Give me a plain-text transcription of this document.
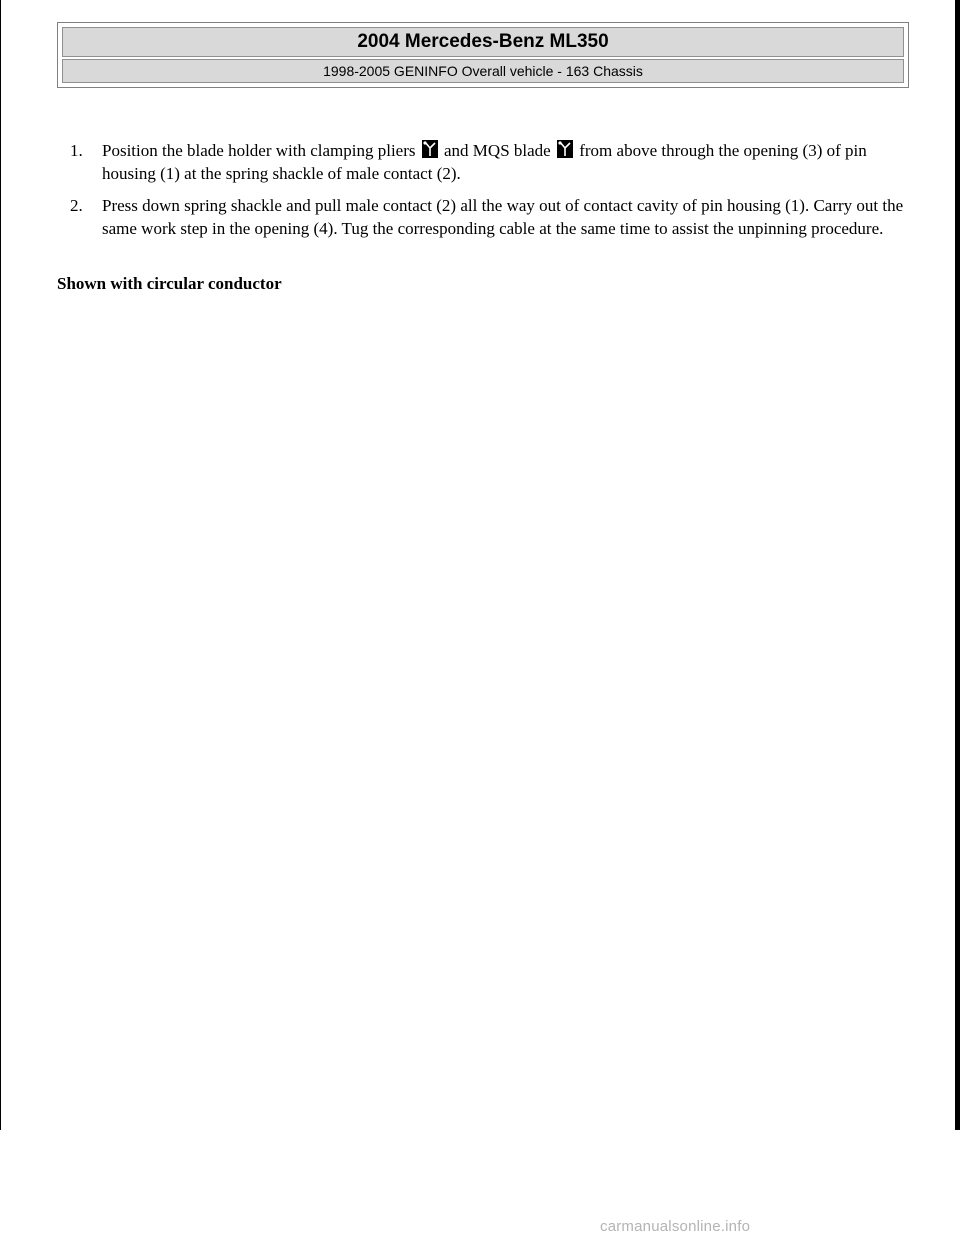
2004 Mercedes-Benz ML350
1998-2005 GENINFO Overall vehicle - 163 Chassis
1. Position the blade holder with clamping pliers and MQS blade from above through the opening (3) of pin housing (1) at the spring shackle of male contact (2).
2. Press down spring shackle and pull male contact (2) all the way out of contact cavity of pin housing (1). Carry out the same work step in the opening (4). Tug the corresponding cable at the same time to assist the unpinning procedure.
Shown with circular conductor
carmanualsonline.info
